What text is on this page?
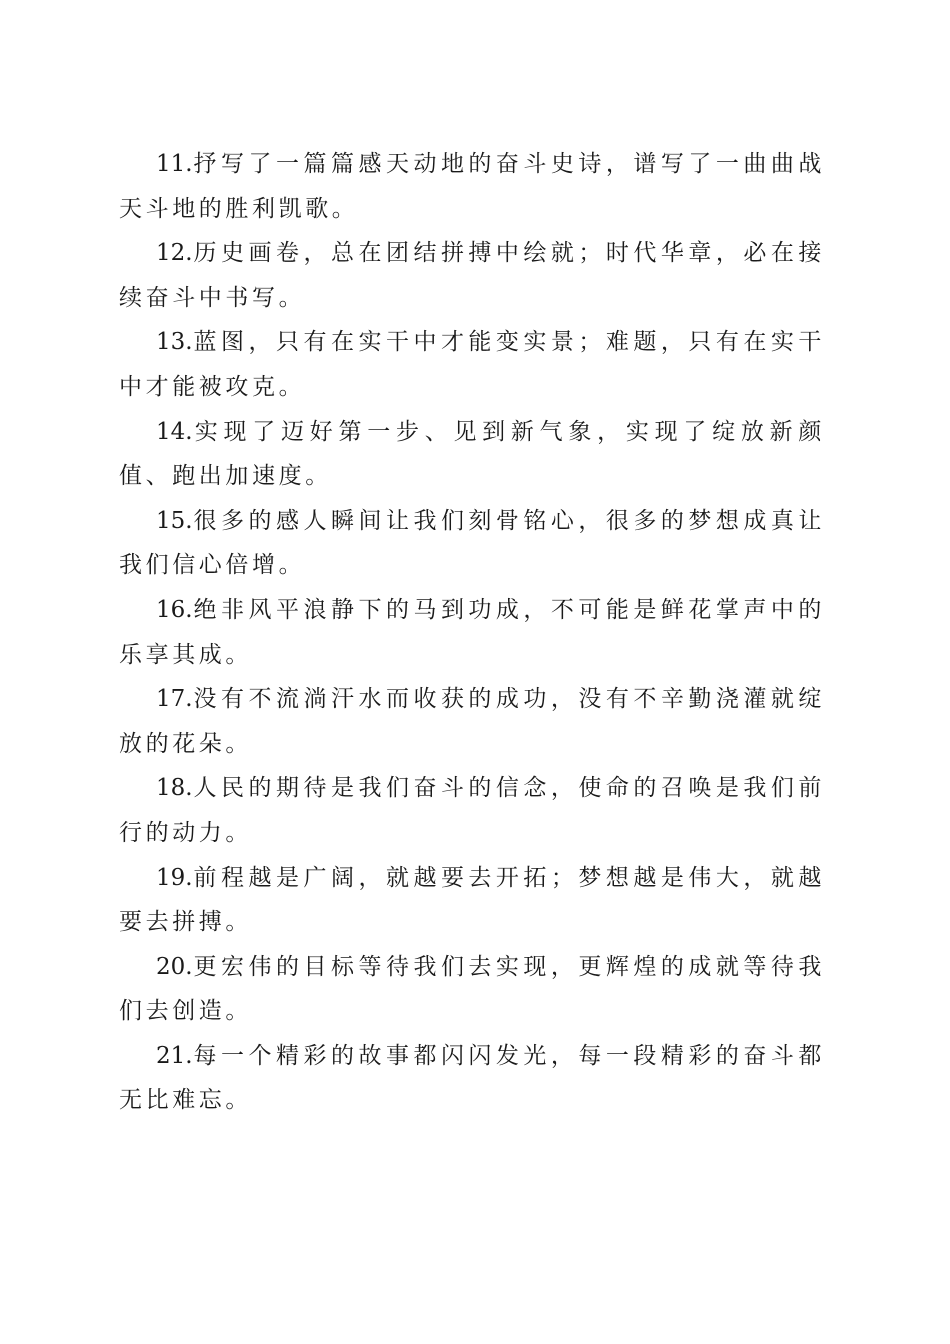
11.抒写了一篇篇感天动地的奋斗史诗，谱写了一曲曲战天斗地的胜利凯歌。

12.历史画卷，总在团结拼搏中绘就；时代华章，必在接续奋斗中书写。

13.蓝图，只有在实干中才能变实景；难题，只有在实干中才能被攻克。

14.实现了迈好第一步、见到新气象，实现了绽放新颜值、跑出加速度。

15.很多的感人瞬间让我们刻骨铭心，很多的梦想成真让我们信心倍增。

16.绝非风平浪静下的马到功成，不可能是鲜花掌声中的乐享其成。

17.没有不流淌汗水而收获的成功，没有不辛勤浇灌就绽放的花朵。

18.人民的期待是我们奋斗的信念，使命的召唤是我们前行的动力。

19.前程越是广阔，就越要去开拓；梦想越是伟大，就越要去拼搏。

20.更宏伟的目标等待我们去实现，更辉煌的成就等待我们去创造。

21.每一个精彩的故事都闪闪发光，每一段精彩的奋斗都无比难忘。
